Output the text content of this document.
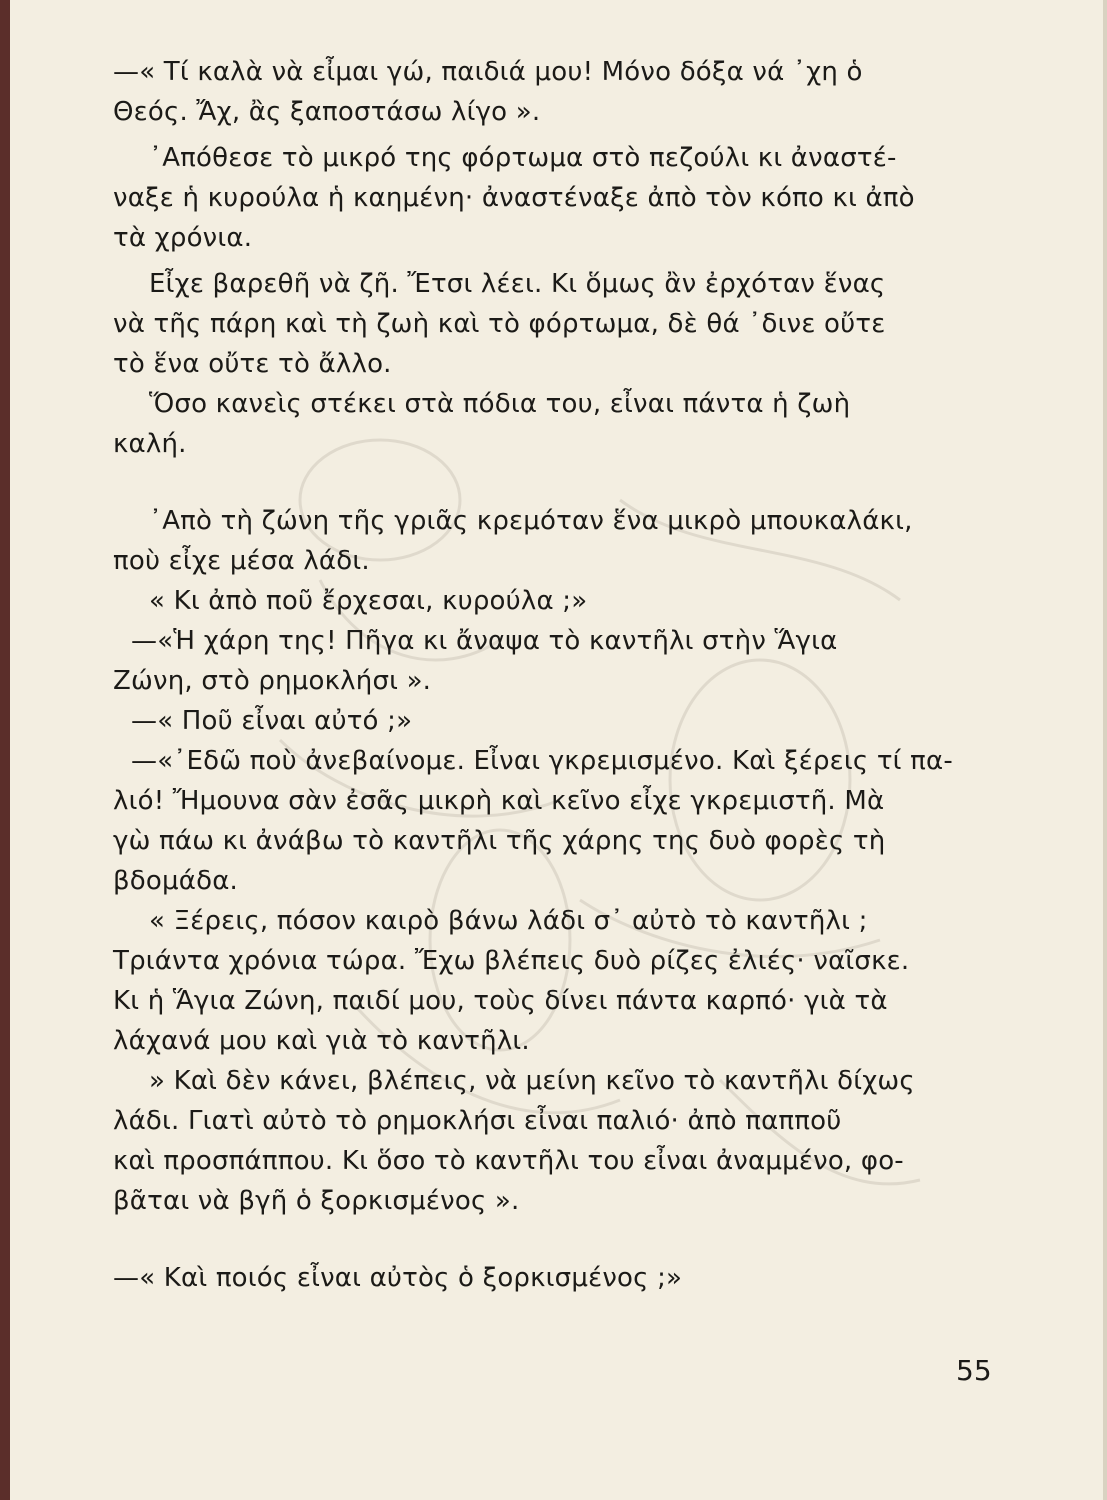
—« Τί καλὰ νὰ εἶμαι γώ, παιδιά μου! Μόνο δόξα νά ᾽χη ὁ
Θεός. Ἄχ, ἂς ξαποστάσω λίγο ».
᾽Απόθεσε τὸ μικρό της φόρτωμα στὸ πεζούλι κι ἀναστέ-
ναξε ἡ κυρούλα ἡ καημένη· ἀναστέναξε ἀπὸ τὸν κόπο κι ἀπὸ
τὰ χρόνια.
Εἶχε βαρεθῆ νὰ ζῆ. Ἔτσι λέει. Κι ὅμως ἂν ἐρχόταν ἕνας
νὰ τῆς πάρη καὶ τὴ ζωὴ καὶ τὸ φόρτωμα, δὲ θά ᾽δινε οὔτε
τὸ ἕνα οὔτε τὸ ἄλλο.
Ὅσο κανεὶς στέκει στὰ πόδια του, εἶναι πάντα ἡ ζωὴ
καλή.
᾽Απὸ τὴ ζώνη τῆς γριᾶς κρεμόταν ἕνα μικρὸ μπουκαλάκι,
ποὺ εἶχε μέσα λάδι.
« Κι ἀπὸ ποῦ ἔρχεσαι, κυρούλα ;»
—«Ἡ χάρη της! Πῆγα κι ἄναψα τὸ καντῆλι στὴν Ἅγια
Ζώνη, στὸ ρημοκλήσι ».
—« Ποῦ εἶναι αὐτό ;»
—«᾽Εδῶ ποὺ ἀνεβαίνομε. Εἶναι γκρεμισμένο. Καὶ ξέρεις τί πα-
λιό! Ἤμουνα σὰν ἐσᾶς μικρὴ καὶ κεῖνο εἶχε γκρεμιστῆ. Μὰ
γὼ πάω κι ἀνάβω τὸ καντῆλι τῆς χάρης της δυὸ φορὲς τὴ
βδομάδα.
« Ξέρεις, πόσον καιρὸ βάνω λάδι σ᾽ αὐτὸ τὸ καντῆλι ;
Τριάντα χρόνια τώρα. Ἔχω βλέπεις δυὸ ρίζες ἐλιές· ναῖσκε.
Κι ἡ Ἅγια Ζώνη, παιδί μου, τοὺς δίνει πάντα καρπό· γιὰ τὰ
λάχανά μου καὶ γιὰ τὸ καντῆλι.
» Καὶ δὲν κάνει, βλέπεις, νὰ μείνη κεῖνο τὸ καντῆλι δίχως
λάδι. Γιατὶ αὐτὸ τὸ ρημοκλήσι εἶναι παλιό· ἀπὸ παπποῦ
καὶ προσπάππου. Κι ὅσο τὸ καντῆλι του εἶναι ἀναμμένο, φο-
βᾶται νὰ βγῆ ὁ ξορκισμένος ».
—« Καὶ ποιός εἶναι αὐτὸς ὁ ξορκισμένος ;»
55
